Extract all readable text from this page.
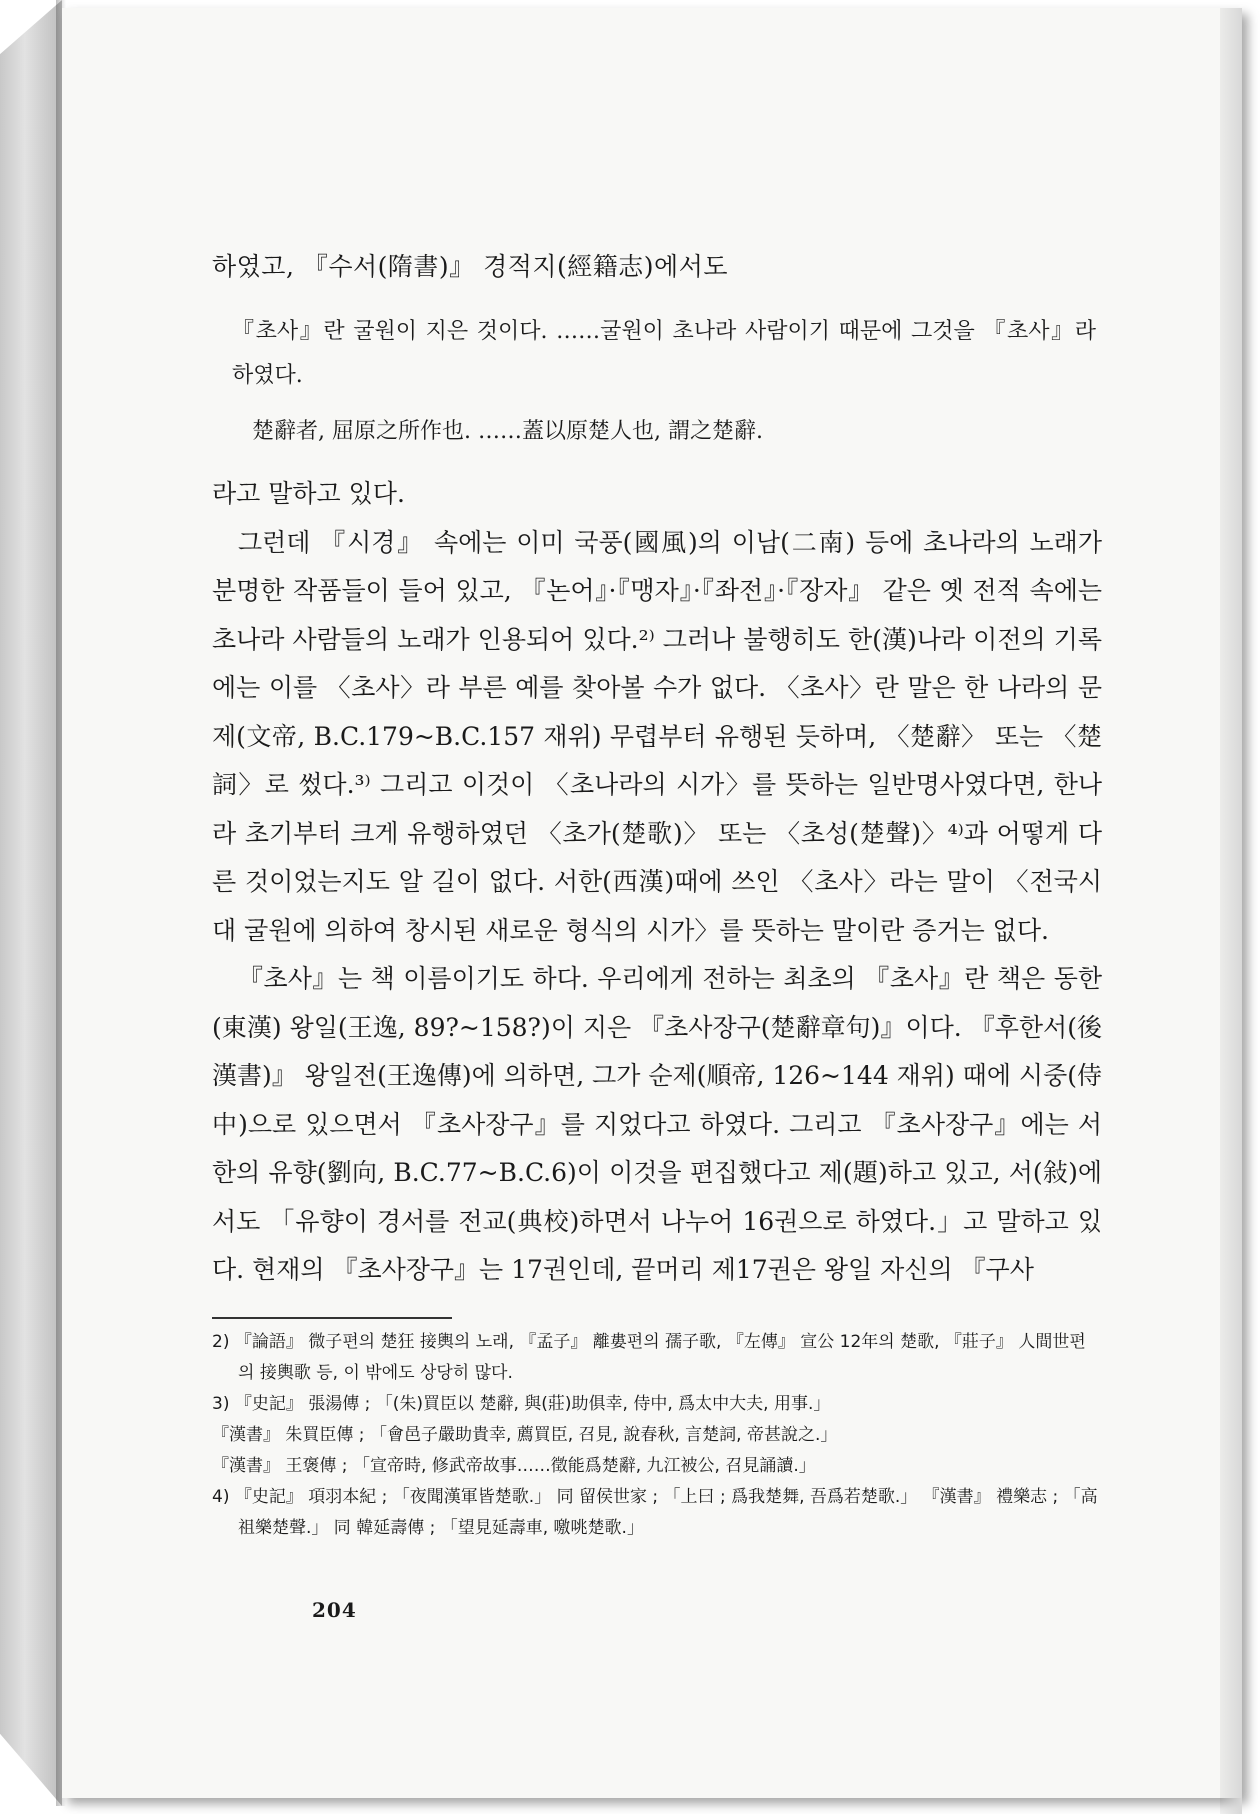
하였고, 『수서(隋書)』 경적지(經籍志)에서도

『초사』란 굴원이 지은 것이다. ……굴원이 초나라 사람이기 때문에 그것을 『초사』라 하였다.

楚辭者, 屈原之所作也. ……蓋以原楚人也, 謂之楚辭.

라고 말하고 있다.

그런데 『시경』 속에는 이미 국풍(國風)의 이남(二南) 등에 초나라의 노래가 분명한 작품들이 들어 있고, 『논어』·『맹자』·『좌전』·『장자』 같은 옛 전적 속에는 초나라 사람들의 노래가 인용되어 있다.²⁾ 그러나 불행히도 한(漢)나라 이전의 기록에는 이를 〈초사〉라 부른 예를 찾아볼 수가 없다. 〈초사〉란 말은 한 나라의 문제(文帝, B.C.179~B.C.157 재위) 무렵부터 유행된 듯하며, 〈楚辭〉 또는 〈楚詞〉로 썼다.³⁾ 그리고 이것이 〈초나라의 시가〉를 뜻하는 일반명사였다면, 한나라 초기부터 크게 유행하였던 〈초가(楚歌)〉 또는 〈초성(楚聲)〉⁴⁾과 어떻게 다른 것이었는지도 알 길이 없다. 서한(西漢)때에 쓰인 〈초사〉라는 말이 〈전국시대 굴원에 의하여 창시된 새로운 형식의 시가〉를 뜻하는 말이란 증거는 없다.

『초사』는 책 이름이기도 하다. 우리에게 전하는 최초의 『초사』란 책은 동한(東漢) 왕일(王逸, 89?~158?)이 지은 『초사장구(楚辭章句)』이다. 『후한서(後漢書)』 왕일전(王逸傳)에 의하면, 그가 순제(順帝, 126~144 재위) 때에 시중(侍中)으로 있으면서 『초사장구』를 지었다고 하였다. 그리고 『초사장구』에는 서한의 유향(劉向, B.C.77~B.C.6)이 이것을 편집했다고 제(題)하고 있고, 서(敍)에서도 「유향이 경서를 전교(典校)하면서 나누어 16권으로 하였다.」고 말하고 있다. 현재의 『초사장구』는 17권인데, 끝머리 제17권은 왕일 자신의 『구사

2) 『論語』 微子편의 楚狂 接輿의 노래, 『孟子』 離婁편의 孺子歌, 『左傳』 宣公 12年의 楚歌, 『莊子』 人間世편의 接輿歌 등, 이 밖에도 상당히 많다.

3) 『史記』 張湯傳 ; 「(朱)買臣以 楚辭, 與(莊)助俱幸, 侍中, 爲太中大夫, 用事.」

『漢書』 朱買臣傳 ; 「會邑子嚴助貴幸, 薦買臣, 召見, 說春秋, 言楚詞, 帝甚說之.」

『漢書』 王褒傳 ; 「宣帝時, 修武帝故事……徵能爲楚辭, 九江被公, 召見誦讀.」

4) 『史記』 項羽本紀 ; 「夜聞漢軍皆楚歌.」 同 留侯世家 ; 「上曰 ; 爲我楚舞, 吾爲若楚歌.」 『漢書』 禮樂志 ; 「高祖樂楚聲.」 同 韓延壽傳 ; 「望見延壽車, 噭咷楚歌.」

204
